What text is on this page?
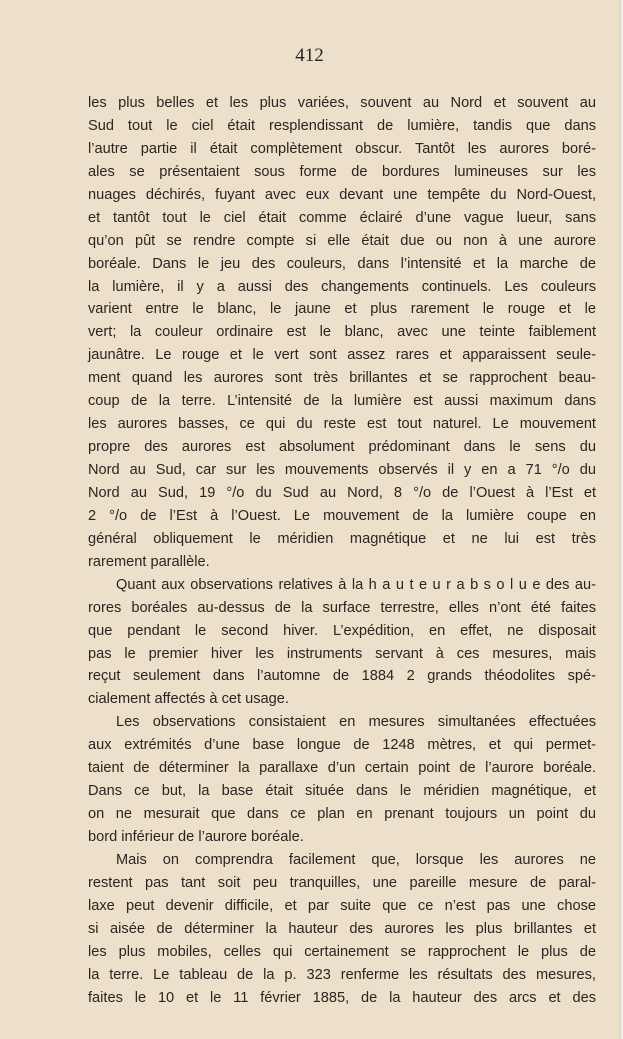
412
les plus belles et les plus variées, souvent au Nord et souvent au
Sud tout le ciel était resplendissant de lumière, tandis que dans
l’autre partie il était complètement obscur. Tantôt les aurores boré-
ales se présentaient sous forme de bordures lumineuses sur les
nuages déchirés, fuyant avec eux devant une tempête du Nord-Ouest,
et tantôt tout le ciel était comme éclairé d’une vague lueur, sans
qu’on pût se rendre compte si elle était due ou non à une aurore
boréale. Dans le jeu des couleurs, dans l’intensité et la marche de
la lumière, il y a aussi des changements continuels. Les couleurs
varient entre le blanc, le jaune et plus rarement le rouge et le
vert; la couleur ordinaire est le blanc, avec une teinte faiblement
jaunâtre. Le rouge et le vert sont assez rares et apparaissent seule-
ment quand les aurores sont très brillantes et se rapprochent beau-
coup de la terre. L’intensité de la lumière est aussi maximum dans
les aurores basses, ce qui du reste est tout naturel. Le mouvement
propre des aurores est absolument prédominant dans le sens du
Nord au Sud, car sur les mouvements observés il y en a 71 °/o du
Nord au Sud, 19 °/o du Sud au Nord, 8 °/o de l’Ouest à l’Est et
2 °/o de l’Est à l’Ouest. Le mouvement de la lumière coupe en
général obliquement le méridien magnétique et ne lui est très
rarement parallèle.
Quant aux observations relatives à la h a u t e u r a b s o l u e des au-
rores boréales au-dessus de la surface terrestre, elles n’ont été faites
que pendant le second hiver. L’expédition, en effet, ne disposait
pas le premier hiver les instruments servant à ces mesures, mais
reçut seulement dans l’automne de 1884 2 grands théodolites spé-
cialement affectés à cet usage.
Les observations consistaient en mesures simultanées effectuées
aux extrémités d’une base longue de 1248 mètres, et qui permet-
taient de déterminer la parallaxe d’un certain point de l’aurore boréale.
Dans ce but, la base était située dans le méridien magnétique, et
on ne mesurait que dans ce plan en prenant toujours un point du
bord inférieur de l’aurore boréale.
Mais on comprendra facilement que, lorsque les aurores ne
restent pas tant soit peu tranquilles, une pareille mesure de paral-
laxe peut devenir difficile, et par suite que ce n’est pas une chose
si aisée de déterminer la hauteur des aurores les plus brillantes et
les plus mobiles, celles qui certainement se rapprochent le plus de
la terre. Le tableau de la p. 323 renferme les résultats des mesures,
faites le 10 et le 11 février 1885, de la hauteur des arcs et des
